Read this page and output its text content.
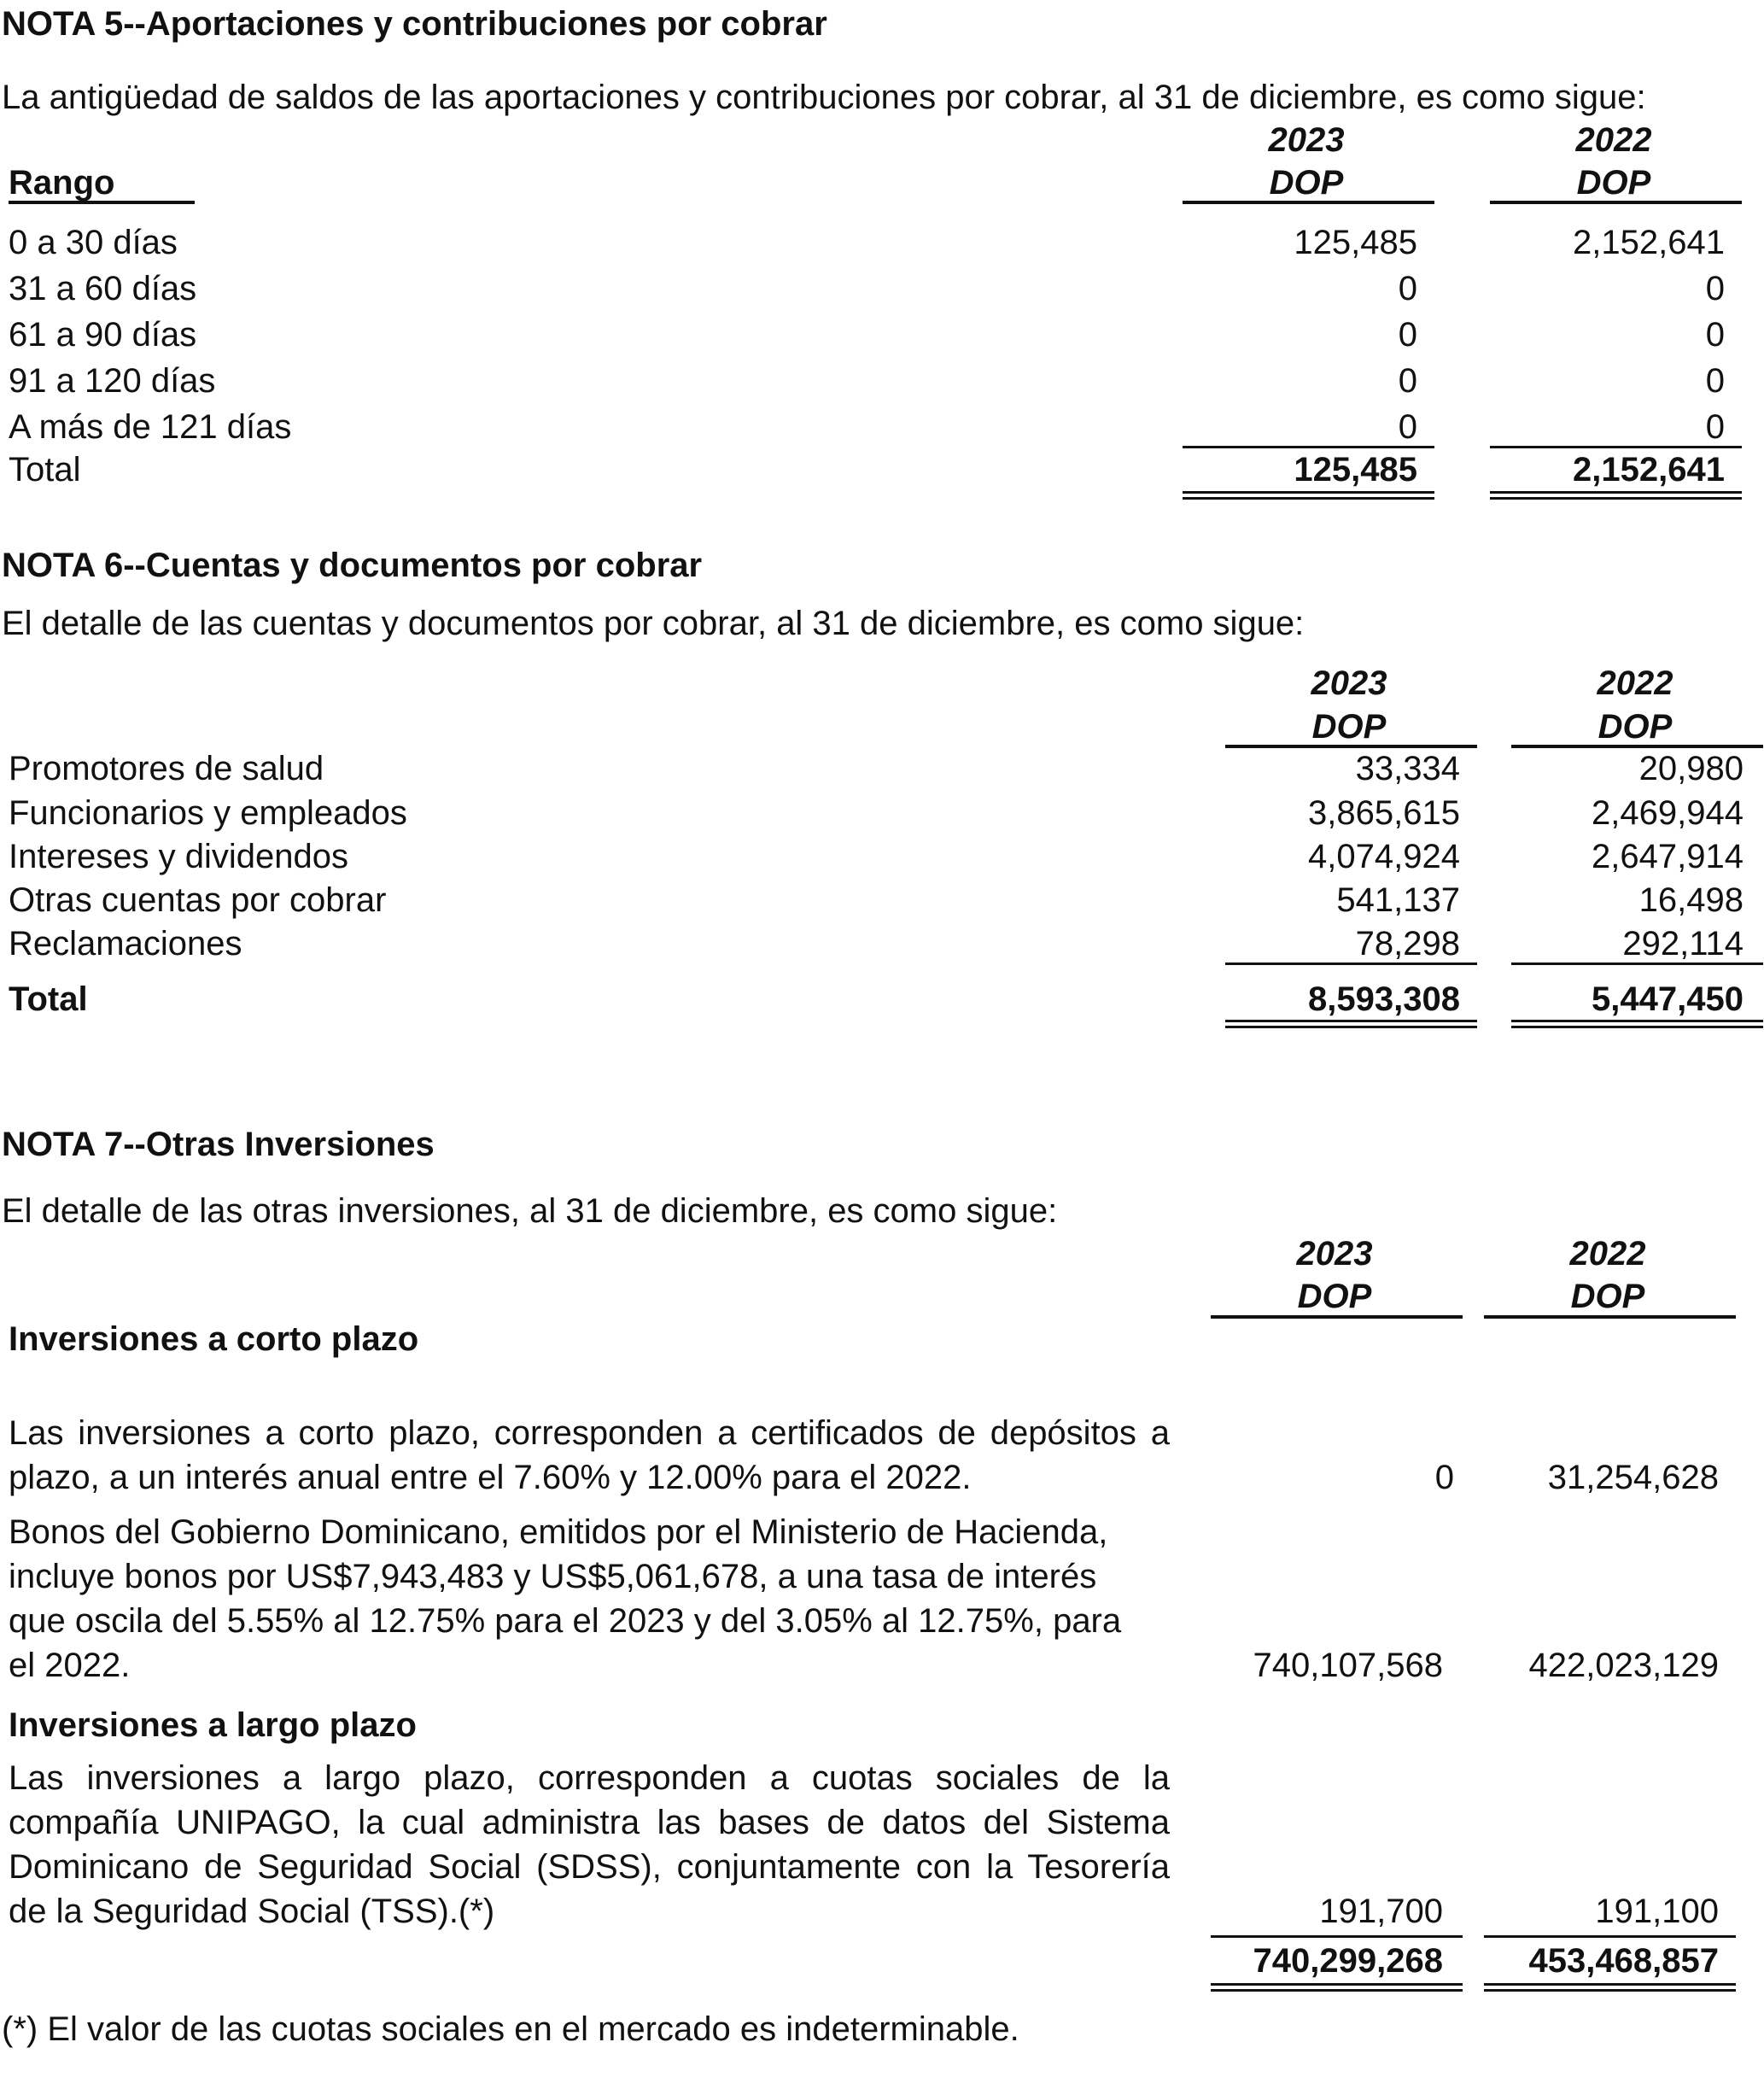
NOTA 5--Aportaciones y contribuciones por cobrar
La antigüedad de saldos de las aportaciones y contribuciones por cobrar, al 31 de diciembre, es como sigue:
2023	2022
Rango	DOP	DOP
0 a 30 días	125,485	2,152,641
31 a 60 días	0	0
61 a 90 días	0	0
91 a 120 días	0	0
A más de 121 días	0	0
Total	125,485	2,152,641
NOTA 6--Cuentas y documentos por cobrar
El detalle de las cuentas y documentos por cobrar, al 31 de diciembre, es como sigue:
2023	2022
DOP	DOP
Promotores de salud	33,334	20,980
Funcionarios y empleados	3,865,615	2,469,944
Intereses y dividendos	4,074,924	2,647,914
Otras cuentas por cobrar	541,137	16,498
Reclamaciones	78,298	292,114
Total	8,593,308	5,447,450
NOTA 7--Otras Inversiones
El detalle de las otras inversiones, al 31 de diciembre, es como sigue:
2023	2022
DOP	DOP
Inversiones a corto plazo
Las inversiones a corto plazo, corresponden a certificados de depósitos a plazo, a un interés anual entre el 7.60% y 12.00% para el 2022.	0	31,254,628
Bonos del Gobierno Dominicano, emitidos por el Ministerio de Hacienda, incluye bonos por US$7,943,483 y US$5,061,678, a una tasa de interés que oscila del 5.55% al 12.75% para el 2023 y del 3.05% al 12.75%, para el 2022.	740,107,568	422,023,129
Inversiones a largo plazo
Las inversiones a largo plazo, corresponden a cuotas sociales de la compañía UNIPAGO, la cual administra las bases de datos del Sistema Dominicano de Seguridad Social (SDSS), conjuntamente con la Tesorería de la Seguridad Social (TSS).(*)	191,700	191,100
740,299,268	453,468,857
(*) El valor de las cuotas sociales en el mercado es indeterminable.
